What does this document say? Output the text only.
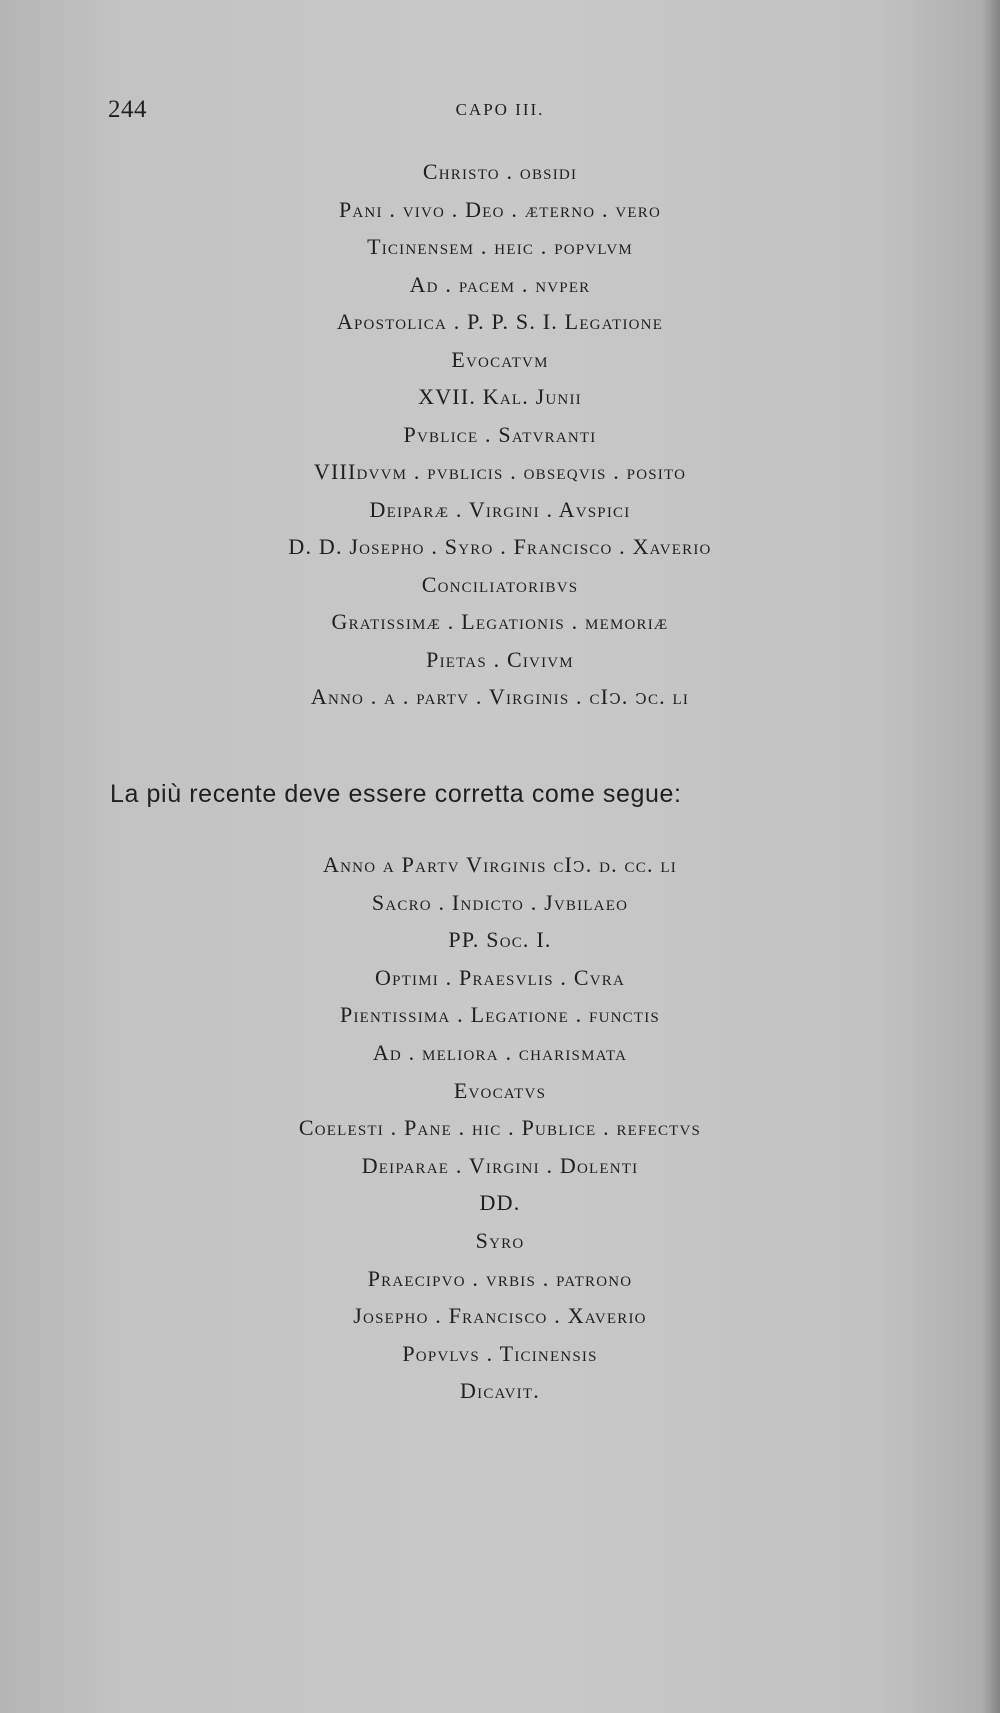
244	CAPO III.
Christo . obsidi
Pani . vivo . Deo . æterno . vero
Ticinensem . heic . popvlvm
Ad . pacem . nvper
Apostolica . P. P. S. I. Legatione
Evocatvm
XVII. Kal. Junii
Pvblice . Satvranti
VIIIdvvm . pvblicis . obseqvis . posito
Deiparæ . Virgini . Avspici
D. D. Josepho . Syro . Francisco . Xaverio
Conciliatoribvs
Gratissimæ . Legationis . memoriæ
Pietas . Civivm
Anno . a . partv . Virginis . cIↄ. ↄc. li
La più recente deve essere corretta come segue:
Anno a Partv Virginis cIↄ. d. cc. li
Sacro . Indicto . Jvbilaeo
PP. Soc. I.
Optimi . Praesvlis . Cvra
Pientissima . Legatione . functis
Ad . meliora . charismata
Evocatvs
Coelesti . Pane . hic . Publice . refectvs
Deiparae . Virgini . Dolenti
DD.
Syro
Praecipvo . vrbis . patrono
Josepho . Francisco . Xaverio
Popvlvs . Ticinensis
Dicavit.
